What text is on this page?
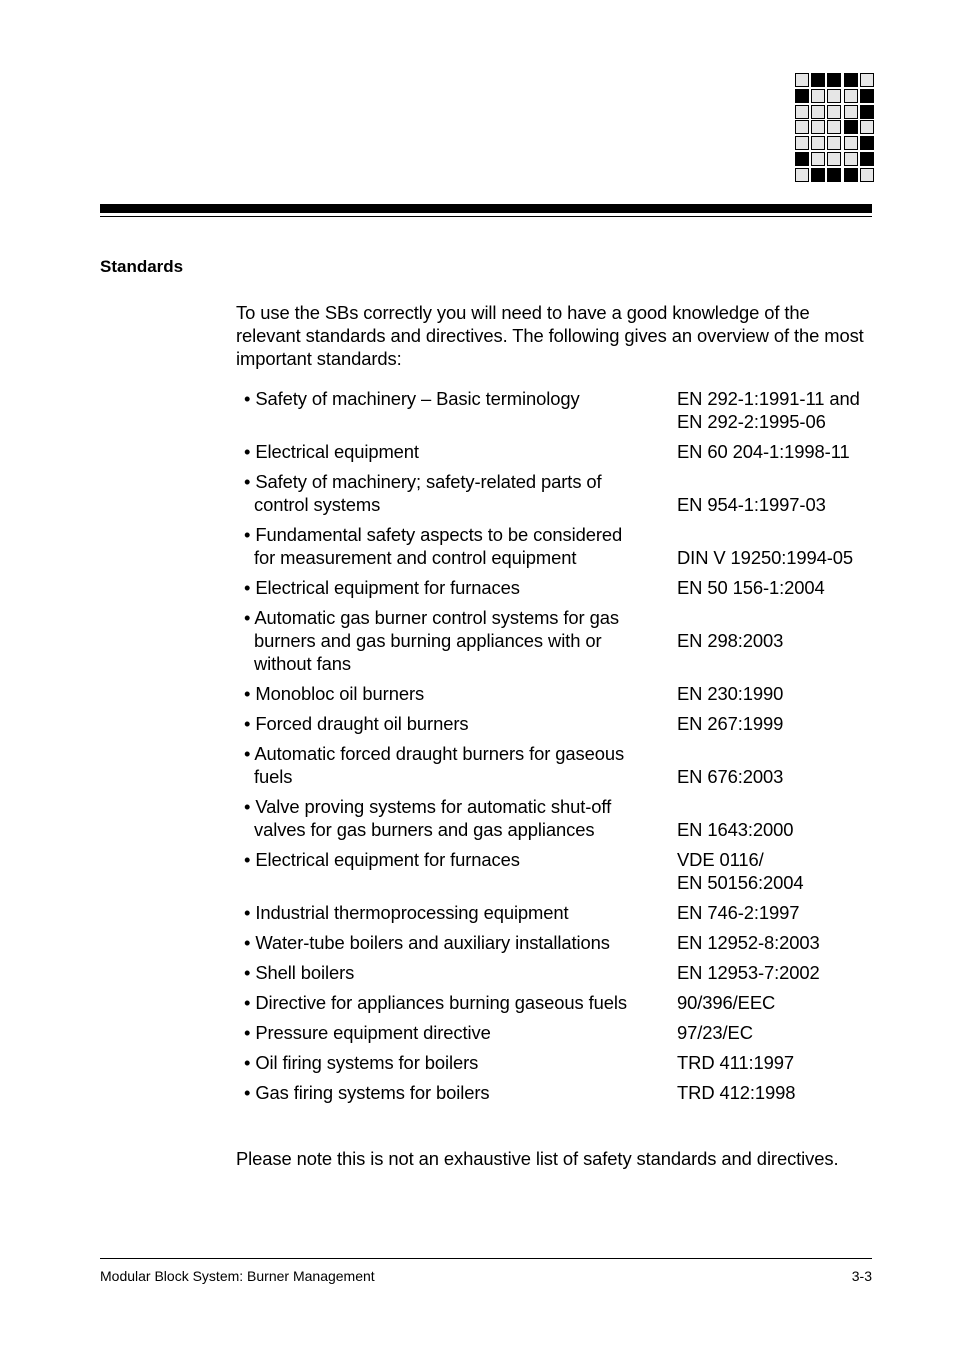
Standards

To use the SBs correctly you will need to have a good knowledge of the relevant standards and directives. The following gives an overview of the most important standards:

• Safety of machinery – Basic terminology	EN 292-1:1991-11 and
EN 292-2:1995-06
• Electrical equipment	EN 60 204-1:1998-11
• Safety of machinery; safety-related parts of
control systems	EN 954-1:1997-03
• Fundamental safety aspects to be considered
for measurement and control equipment	DIN V 19250:1994-05
• Electrical equipment for furnaces	EN 50 156-1:2004
• Automatic gas burner control systems for gas
burners and gas burning appliances with or
without fans
EN 298:2003
• Monobloc oil burners	EN 230:1990
• Forced draught oil burners	EN 267:1999
• Automatic forced draught burners for gaseous
fuels	EN 676:2003
• Valve proving systems for automatic shut-off
valves for gas burners and gas appliances	EN 1643:2000
• Electrical equipment for furnaces	VDE 0116/
EN 50156:2004
• Industrial thermoprocessing equipment	EN 746-2:1997
• Water-tube boilers and auxiliary installations	EN 12952-8:2003
• Shell boilers	EN 12953-7:2002
• Directive for appliances burning gaseous fuels	90/396/EEC
• Pressure equipment directive	97/23/EC
• Oil firing systems for boilers	TRD 411:1997
• Gas firing systems for boilers	TRD 412:1998

Please note this is not an exhaustive list of safety standards and directives.

Modular Block System: Burner Management	3-3
